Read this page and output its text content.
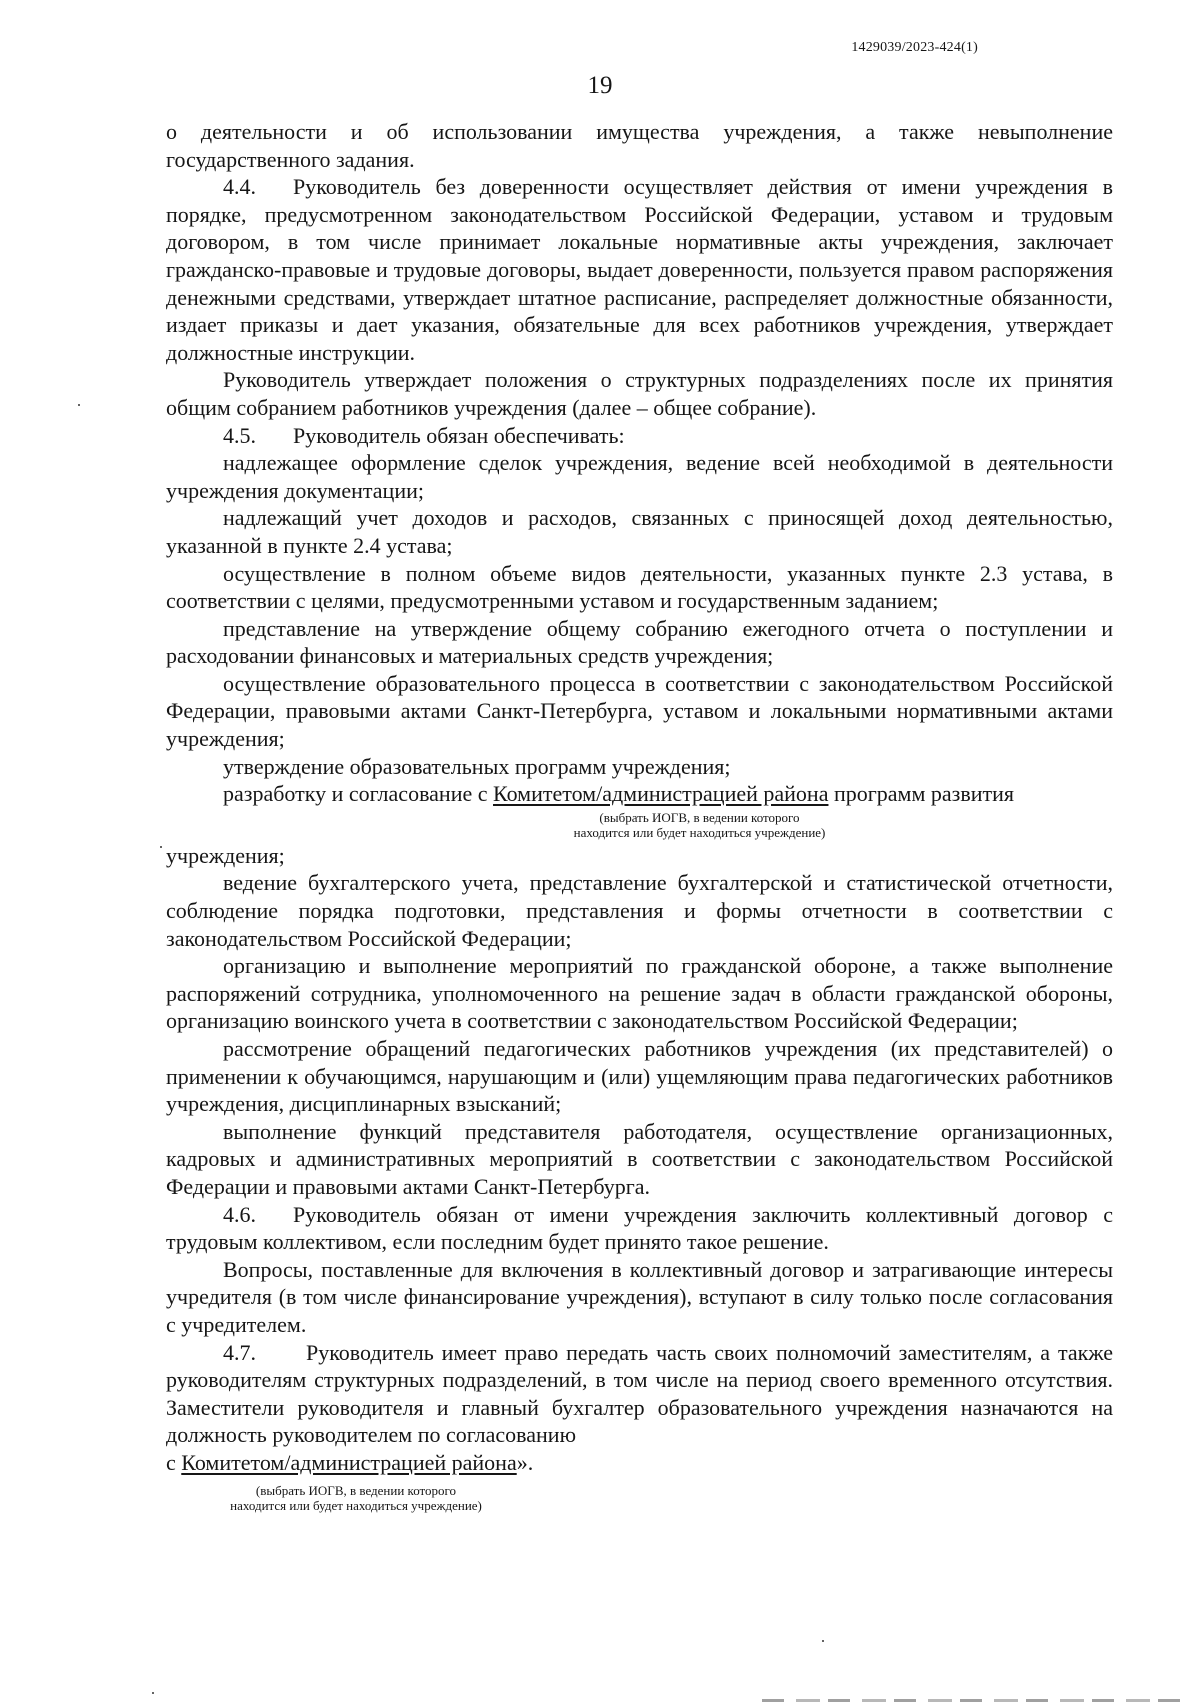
1429039/2023-424(1)
19

о деятельности и об использовании имущества учреждения, а также невыполнение государственного задания.

4.4. Руководитель без доверенности осуществляет действия от имени учреждения в порядке, предусмотренном законодательством Российской Федерации, уставом и трудовым договором, в том числе принимает локальные нормативные акты учреждения, заключает гражданско-правовые и трудовые договоры, выдает доверенности, пользуется правом распоряжения денежными средствами, утверждает штатное расписание, распределяет должностные обязанности, издает приказы и дает указания, обязательные для всех работников учреждения, утверждает должностные инструкции.

Руководитель утверждает положения о структурных подразделениях после их принятия общим собранием работников учреждения (далее – общее собрание).

4.5. Руководитель обязан обеспечивать:

надлежащее оформление сделок учреждения, ведение всей необходимой в деятельности учреждения документации;

надлежащий учет доходов и расходов, связанных с приносящей доход деятельностью, указанной в пункте 2.4 устава;

осуществление в полном объеме видов деятельности, указанных пункте 2.3 устава, в соответствии с целями, предусмотренными уставом и государственным заданием;

представление на утверждение общему собранию ежегодного отчета о поступлении и расходовании финансовых и материальных средств учреждения;

осуществление образовательного процесса в соответствии с законодательством Российской Федерации, правовыми актами Санкт-Петербурга, уставом и локальными нормативными актами учреждения;

утверждение образовательных программ учреждения;

разработку и согласование с Комитетом/администрацией района программ развития

(выбрать ИОГВ, в ведении которого
находится или будет находиться учреждение)

учреждения;

ведение бухгалтерского учета, представление бухгалтерской и статистической отчетности, соблюдение порядка подготовки, представления и формы отчетности в соответствии с законодательством Российской Федерации;

организацию и выполнение мероприятий по гражданской обороне, а также выполнение распоряжений сотрудника, уполномоченного на решение задач в области гражданской обороны, организацию воинского учета в соответствии с законодательством Российской Федерации;

рассмотрение обращений педагогических работников учреждения (их представителей) о применении к обучающимся, нарушающим и (или) ущемляющим права педагогических работников учреждения, дисциплинарных взысканий;

выполнение функций представителя работодателя, осуществление организационных, кадровых и административных мероприятий в соответствии с законодательством Российской Федерации и правовыми актами Санкт-Петербурга.

4.6. Руководитель обязан от имени учреждения заключить коллективный договор с трудовым коллективом, если последним будет принято такое решение.

Вопросы, поставленные для включения в коллективный договор и затрагивающие интересы учредителя (в том числе финансирование учреждения), вступают в силу только после согласования с учредителем.

4.7. Руководитель имеет право передать часть своих полномочий заместителям, а также руководителям структурных подразделений, в том числе на период своего временного отсутствия. Заместители руководителя и главный бухгалтер образовательного учреждения назначаются на должность руководителем по согласованию

с Комитетом/администрацией района».

(выбрать ИОГВ, в ведении которого
находится или будет находиться учреждение)
